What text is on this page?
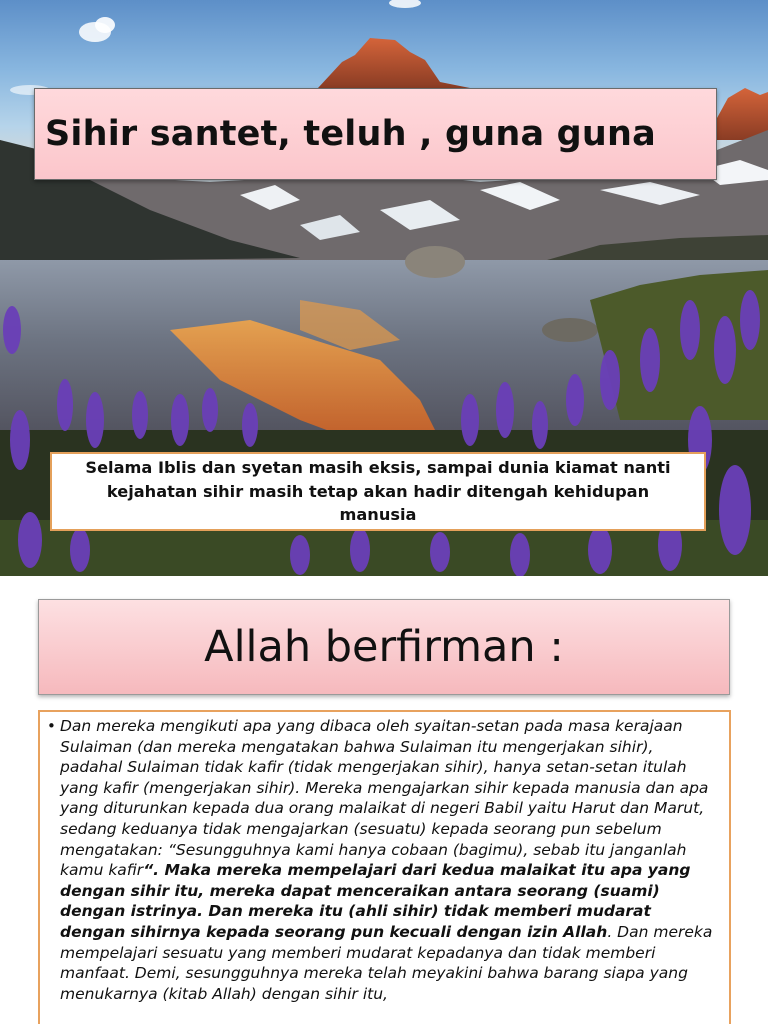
Sihir santet, teluh , guna guna
Selama Iblis dan syetan masih eksis, sampai dunia kiamat nanti kejahatan sihir masih tetap akan hadir ditengah kehidupan manusia
Allah berfirman :
• Dan mereka mengikuti apa yang dibaca oleh syaitan-setan pada masa kerajaan Sulaiman (dan mereka mengatakan bahwa Sulaiman itu mengerjakan sihir), padahal Sulaiman tidak kafir (tidak mengerjakan sihir), hanya setan-setan itulah yang kafir (mengerjakan sihir). Mereka mengajarkan sihir kepada manusia dan apa yang diturunkan kepada dua orang malaikat di negeri Babil yaitu Harut dan Marut, sedang keduanya tidak mengajarkan (sesuatu) kepada seorang pun sebelum mengatakan: “Sesungguhnya kami hanya cobaan (bagimu), sebab itu janganlah kamu kafir“. Maka mereka mempelajari dari kedua malaikat itu apa yang dengan sihir itu, mereka dapat menceraikan antara seorang (suami) dengan istrinya. Dan mereka itu (ahli sihir) tidak memberi mudarat dengan sihirnya kepada seorang pun kecuali dengan izin Allah. Dan mereka mempelajari sesuatu yang memberi mudarat kepadanya dan tidak memberi manfaat. Demi, sesungguhnya mereka telah meyakini bahwa barang siapa yang menukarnya (kitab Allah) dengan sihir itu,
